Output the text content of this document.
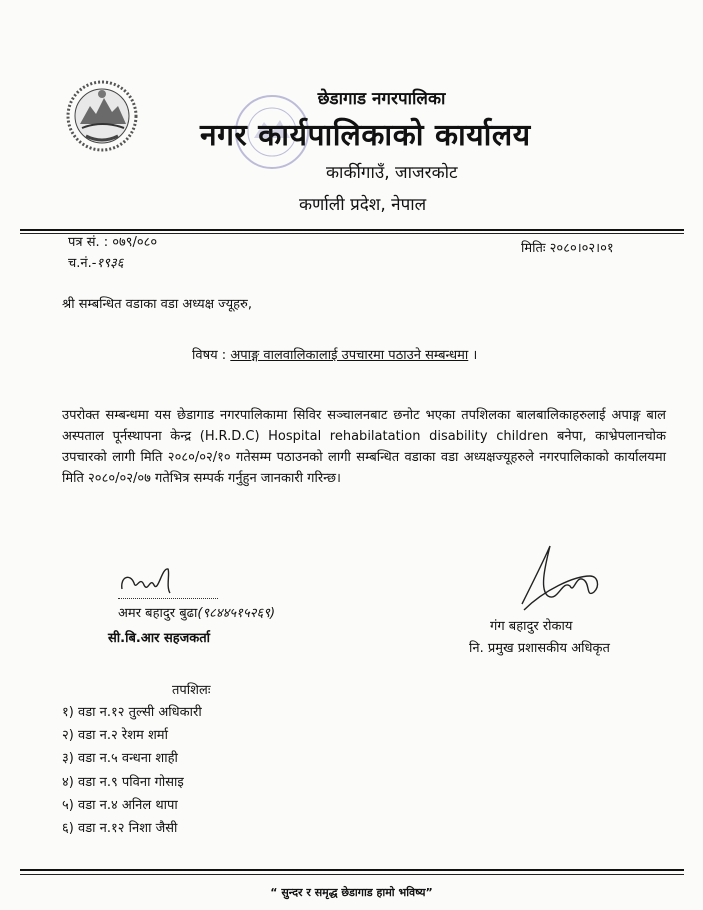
छेडागाड नगरपालिका
नगर कार्यपालिकाको कार्यालय
कार्कीगाउँ, जाजरकोट
कर्णाली प्रदेश, नेपाल
पत्र सं. : ०७९/०८०	मितिः २०८०।०२।०१
च.नं.-१९३६
श्री सम्बन्धित वडाका वडा अध्यक्ष ज्यूहरु,
विषय : अपाङ्ग वालवालिकालाई उपचारमा पठाउने सम्बन्धमा ।
उपरोक्त सम्बन्धमा यस छेडागाड नगरपालिकामा सिविर सञ्चालनबाट छनोट भएका तपशिलका बालबालिकाहरुलाई अपाङ्ग बाल अस्पताल पूर्नस्थापना केन्द्र (H.R.D.C) Hospital rehabilatation disability children बनेपा, काभ्रेपलानचोक उपचारको लागी मिति २०८०/०२/१० गतेसम्म पठाउनको लागी सम्बन्धित वडाका वडा अध्यक्षज्यूहरुले नगरपालिकाको कार्यालयमा मिति २०८०/०२/०७ गतेभित्र सम्पर्क गर्नुहुन जानकारी गरिन्छ।
अमर बहादुर बुढा(९८४४५१५२६९)
सी.बि.आर सहजकर्ता
गंग बहादुर रोकाय
नि. प्रमुख प्रशासकीय अधिकृत
तपशिलः
१) वडा न.१२ तुल्सी अधिकारी
२) वडा न.२ रेशम शर्मा
३) वडा न.५ वन्धना शाही
४) वडा न.९ पविना गोसाइ
५) वडा न.४ अनिल थापा
६) वडा न.१२ निशा जैसी
“ सुन्दर र समृद्ध छेडागाड हामो भविष्य”
